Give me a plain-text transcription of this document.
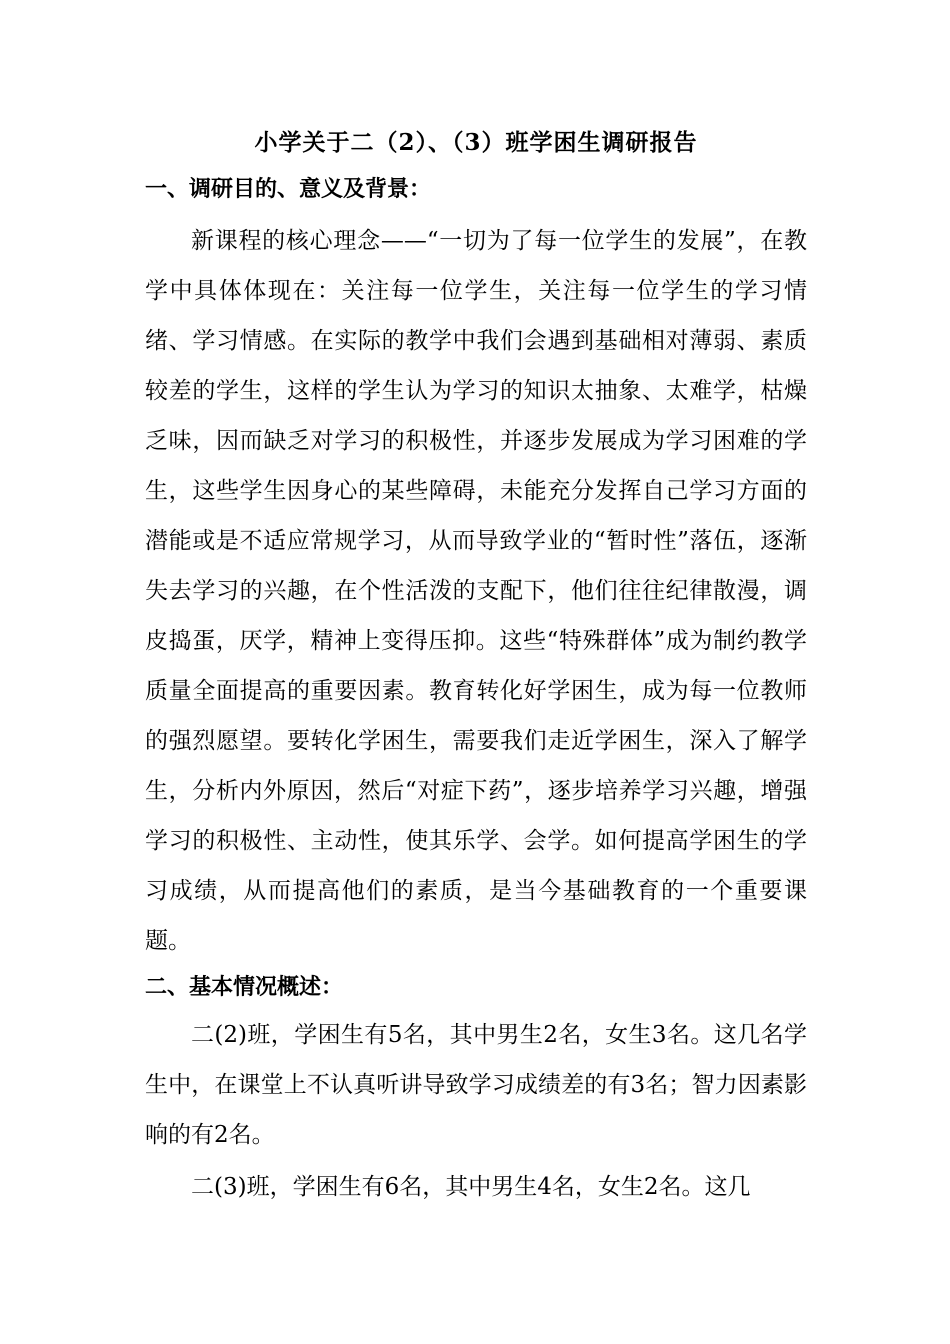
小学关于二（2）、（3）班学困生调研报告
一、调研目的、意义及背景：

新课程的核心理念——“一切为了每一位学生的发展”，在教学中具体体现在：关注每一位学生，关注每一位学生的学习情绪、学习情感。在实际的教学中我们会遇到基础相对薄弱、素质较差的学生，这样的学生认为学习的知识太抽象、太难学，枯燥乏味，因而缺乏对学习的积极性，并逐步发展成为学习困难的学生，这些学生因身心的某些障碍，未能充分发挥自己学习方面的潜能或是不适应常规学习，从而导致学业的“暂时性”落伍，逐渐失去学习的兴趣，在个性活泼的支配下，他们往往纪律散漫，调皮捣蛋，厌学，精神上变得压抑。这些“特殊群体”成为制约教学质量全面提高的重要因素。教育转化好学困生，成为每一位教师的强烈愿望。要转化学困生，需要我们走近学困生，深入了解学生，分析内外原因，然后“对症下药”，逐步培养学习兴趣，增强学习的积极性、主动性，使其乐学、会学。如何提高学困生的学习成绩，从而提高他们的素质，是当今基础教育的一个重要课题。

二、基本情况概述：

二(2)班，学困生有5名，其中男生2名，女生3名。这几名学生中，在课堂上不认真听讲导致学习成绩差的有3名；智力因素影响的有2名。

二(3)班，学困生有6名，其中男生4名，女生2名。这几
